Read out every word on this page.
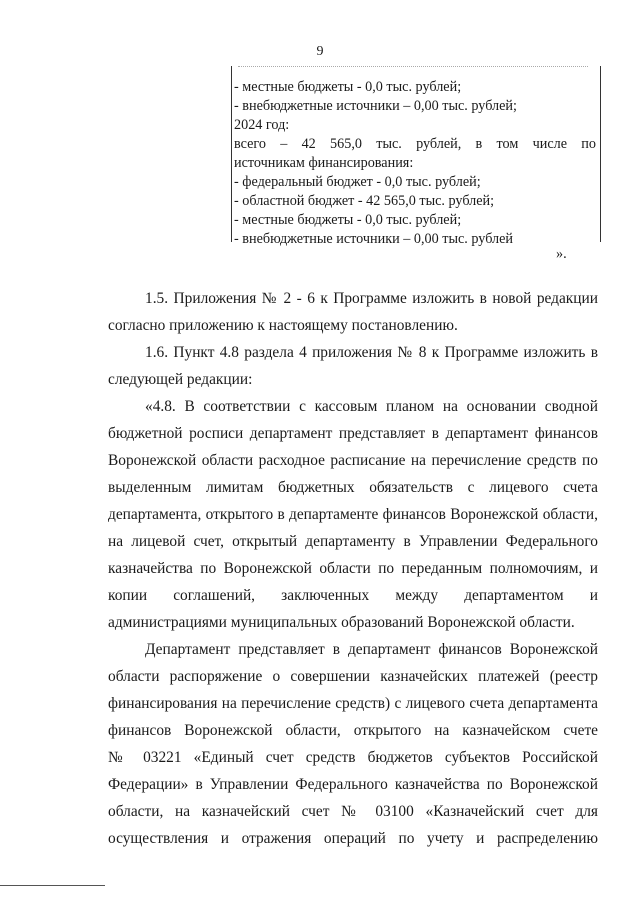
9
- местные бюджеты - 0,0 тыс. рублей;
- внебюджетные источники – 0,00 тыс. рублей;
2024 год:
всего – 42 565,0 тыс. рублей, в том числе по
источникам финансирования:
- федеральный бюджет - 0,0 тыс. рублей;
- областной бюджет - 42 565,0 тыс. рублей;
- местные бюджеты - 0,0 тыс. рублей;
- внебюджетные источники – 0,00 тыс. рублей
».
1.5. Приложения № 2 - 6 к Программе изложить в новой редакции
согласно приложению к настоящему постановлению.
1.6. Пункт 4.8 раздела 4 приложения № 8 к Программе изложить в
следующей редакции:
«4.8. В соответствии с кассовым планом на основании сводной
бюджетной росписи департамент представляет в департамент финансов
Воронежской области расходное расписание на перечисление средств по
выделенным лимитам бюджетных обязательств с лицевого счета
департамента, открытого в департаменте финансов Воронежской области,
на лицевой счет, открытый департаменту в Управлении Федерального
казначейства по Воронежской области по переданным полномочиям, и
копии соглашений, заключенных между департаментом и
администрациями муниципальных образований Воронежской области.
Департамент представляет в департамент финансов Воронежской
области распоряжение о совершении казначейских платежей (реестр
финансирования на перечисление средств) с лицевого счета департамента
финансов Воронежской области, открытого на казначейском счете
№ 03221 «Единый счет средств бюджетов субъектов Российской
Федерации» в Управлении Федерального казначейства по Воронежской
области, на казначейский счет № 03100 «Казначейский счет для
осуществления и отражения операций по учету и распределению
